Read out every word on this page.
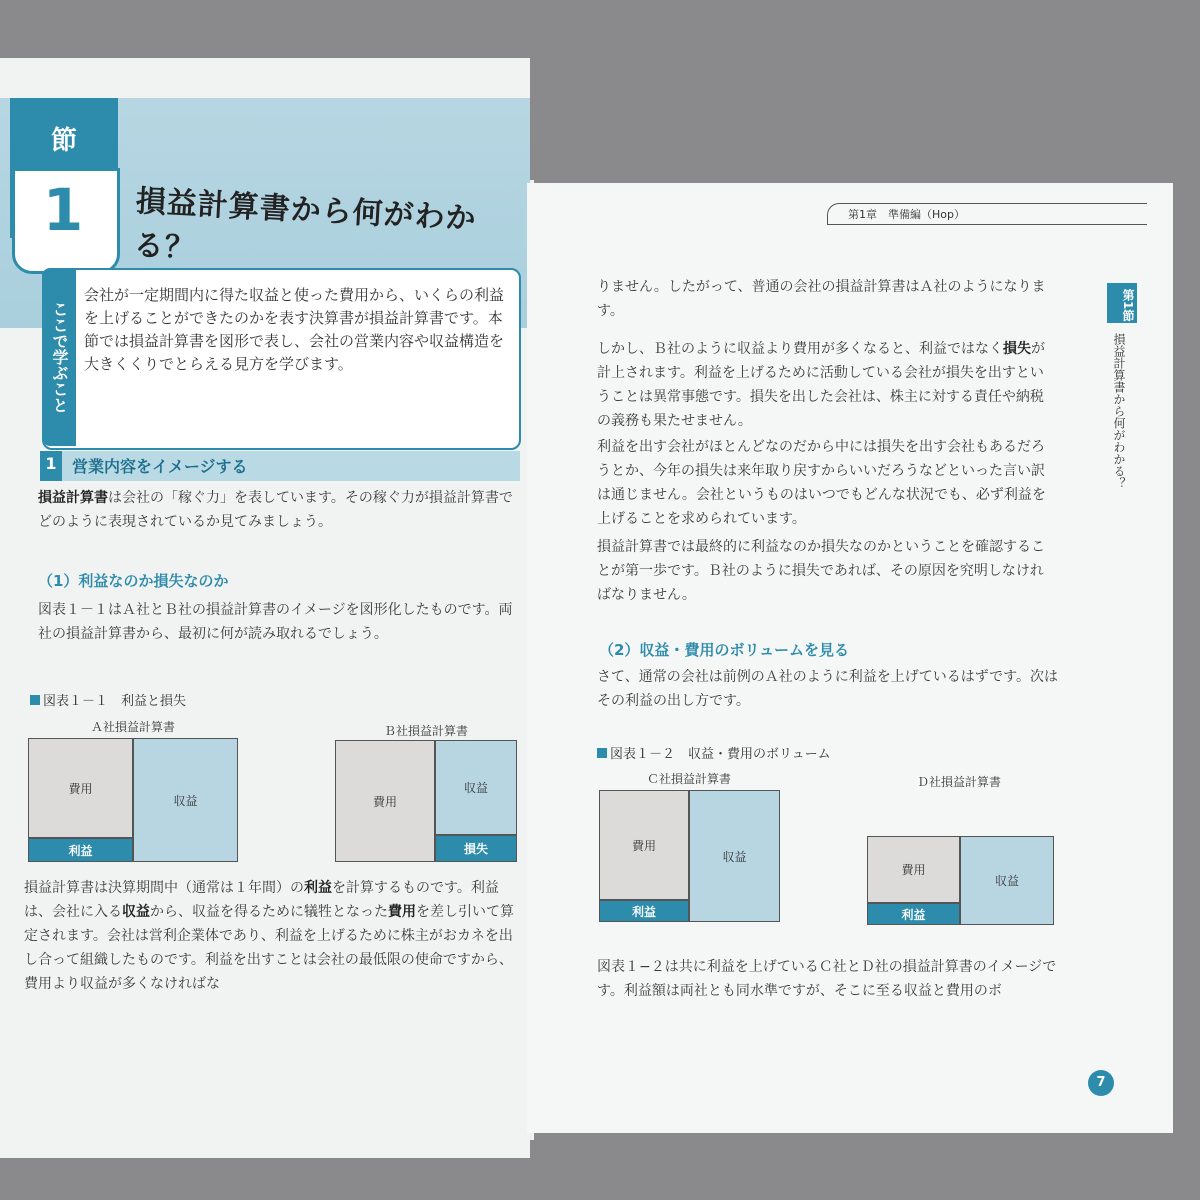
節
1	損益計算書から何がわかる？
ここで学ぶこと
会社が一定期間内に得た収益と使った費用から、いくらの利益を上げることができたのかを表す決算書が損益計算書です。本節では損益計算書を図形で表し、会社の営業内容や収益構造を大きくくりでとらえる見方を学びます。
1 営業内容をイメージする
損益計算書は会社の「稼ぐ力」を表しています。その稼ぐ力が損益計算書でどのように表現されているか見てみましょう。
（1）利益なのか損失なのか
図表１－１はＡ社とＢ社の損益計算書のイメージを図形化したものです。両社の損益計算書から、最初に何が読み取れるでしょう。
図表１－１　利益と損失
Ａ社損益計算書	Ｂ社損益計算書
費用
利益
収益	費用
収益
損失
損益計算書は決算期間中（通常は１年間）の利益を計算するものです。利益は、会社に入る収益から、収益を得るために犠牲となった費用を差し引いて算定されます。会社は営利企業体であり、利益を上げるために株主がおカネを出し合って組織したものです。利益を出すことは会社の最低限の使命ですから、費用より収益が多くなければな
第1章　準備編（Hop）
第1節
損益計算書から何がわかる？
りません。したがって、普通の会社の損益計算書はＡ社のようになります。
しかし、Ｂ社のように収益より費用が多くなると、利益ではなく損失が計上されます。利益を上げるために活動している会社が損失を出すということは異常事態です。損失を出した会社は、株主に対する責任や納税の義務も果たせません。
利益を出す会社がほとんどなのだから中には損失を出す会社もあるだろうとか、今年の損失は来年取り戻すからいいだろうなどといった言い訳は通じません。会社というものはいつでもどんな状況でも、必ず利益を上げることを求められています。
損益計算書では最終的に利益なのか損失なのかということを確認することが第一歩です。Ｂ社のように損失であれば、その原因を究明しなければなりません。
（2）収益・費用のボリュームを見る
さて、通常の会社は前例のＡ社のように利益を上げているはずです。次はその利益の出し方です。
図表１－２　収益・費用のボリューム
Ｃ社損益計算書	Ｄ社損益計算書
費用
利益
収益
費用
利益
収益
図表１−２は共に利益を上げているＣ社とＤ社の損益計算書のイメージです。利益額は両社とも同水準ですが、そこに至る収益と費用のボ
7
